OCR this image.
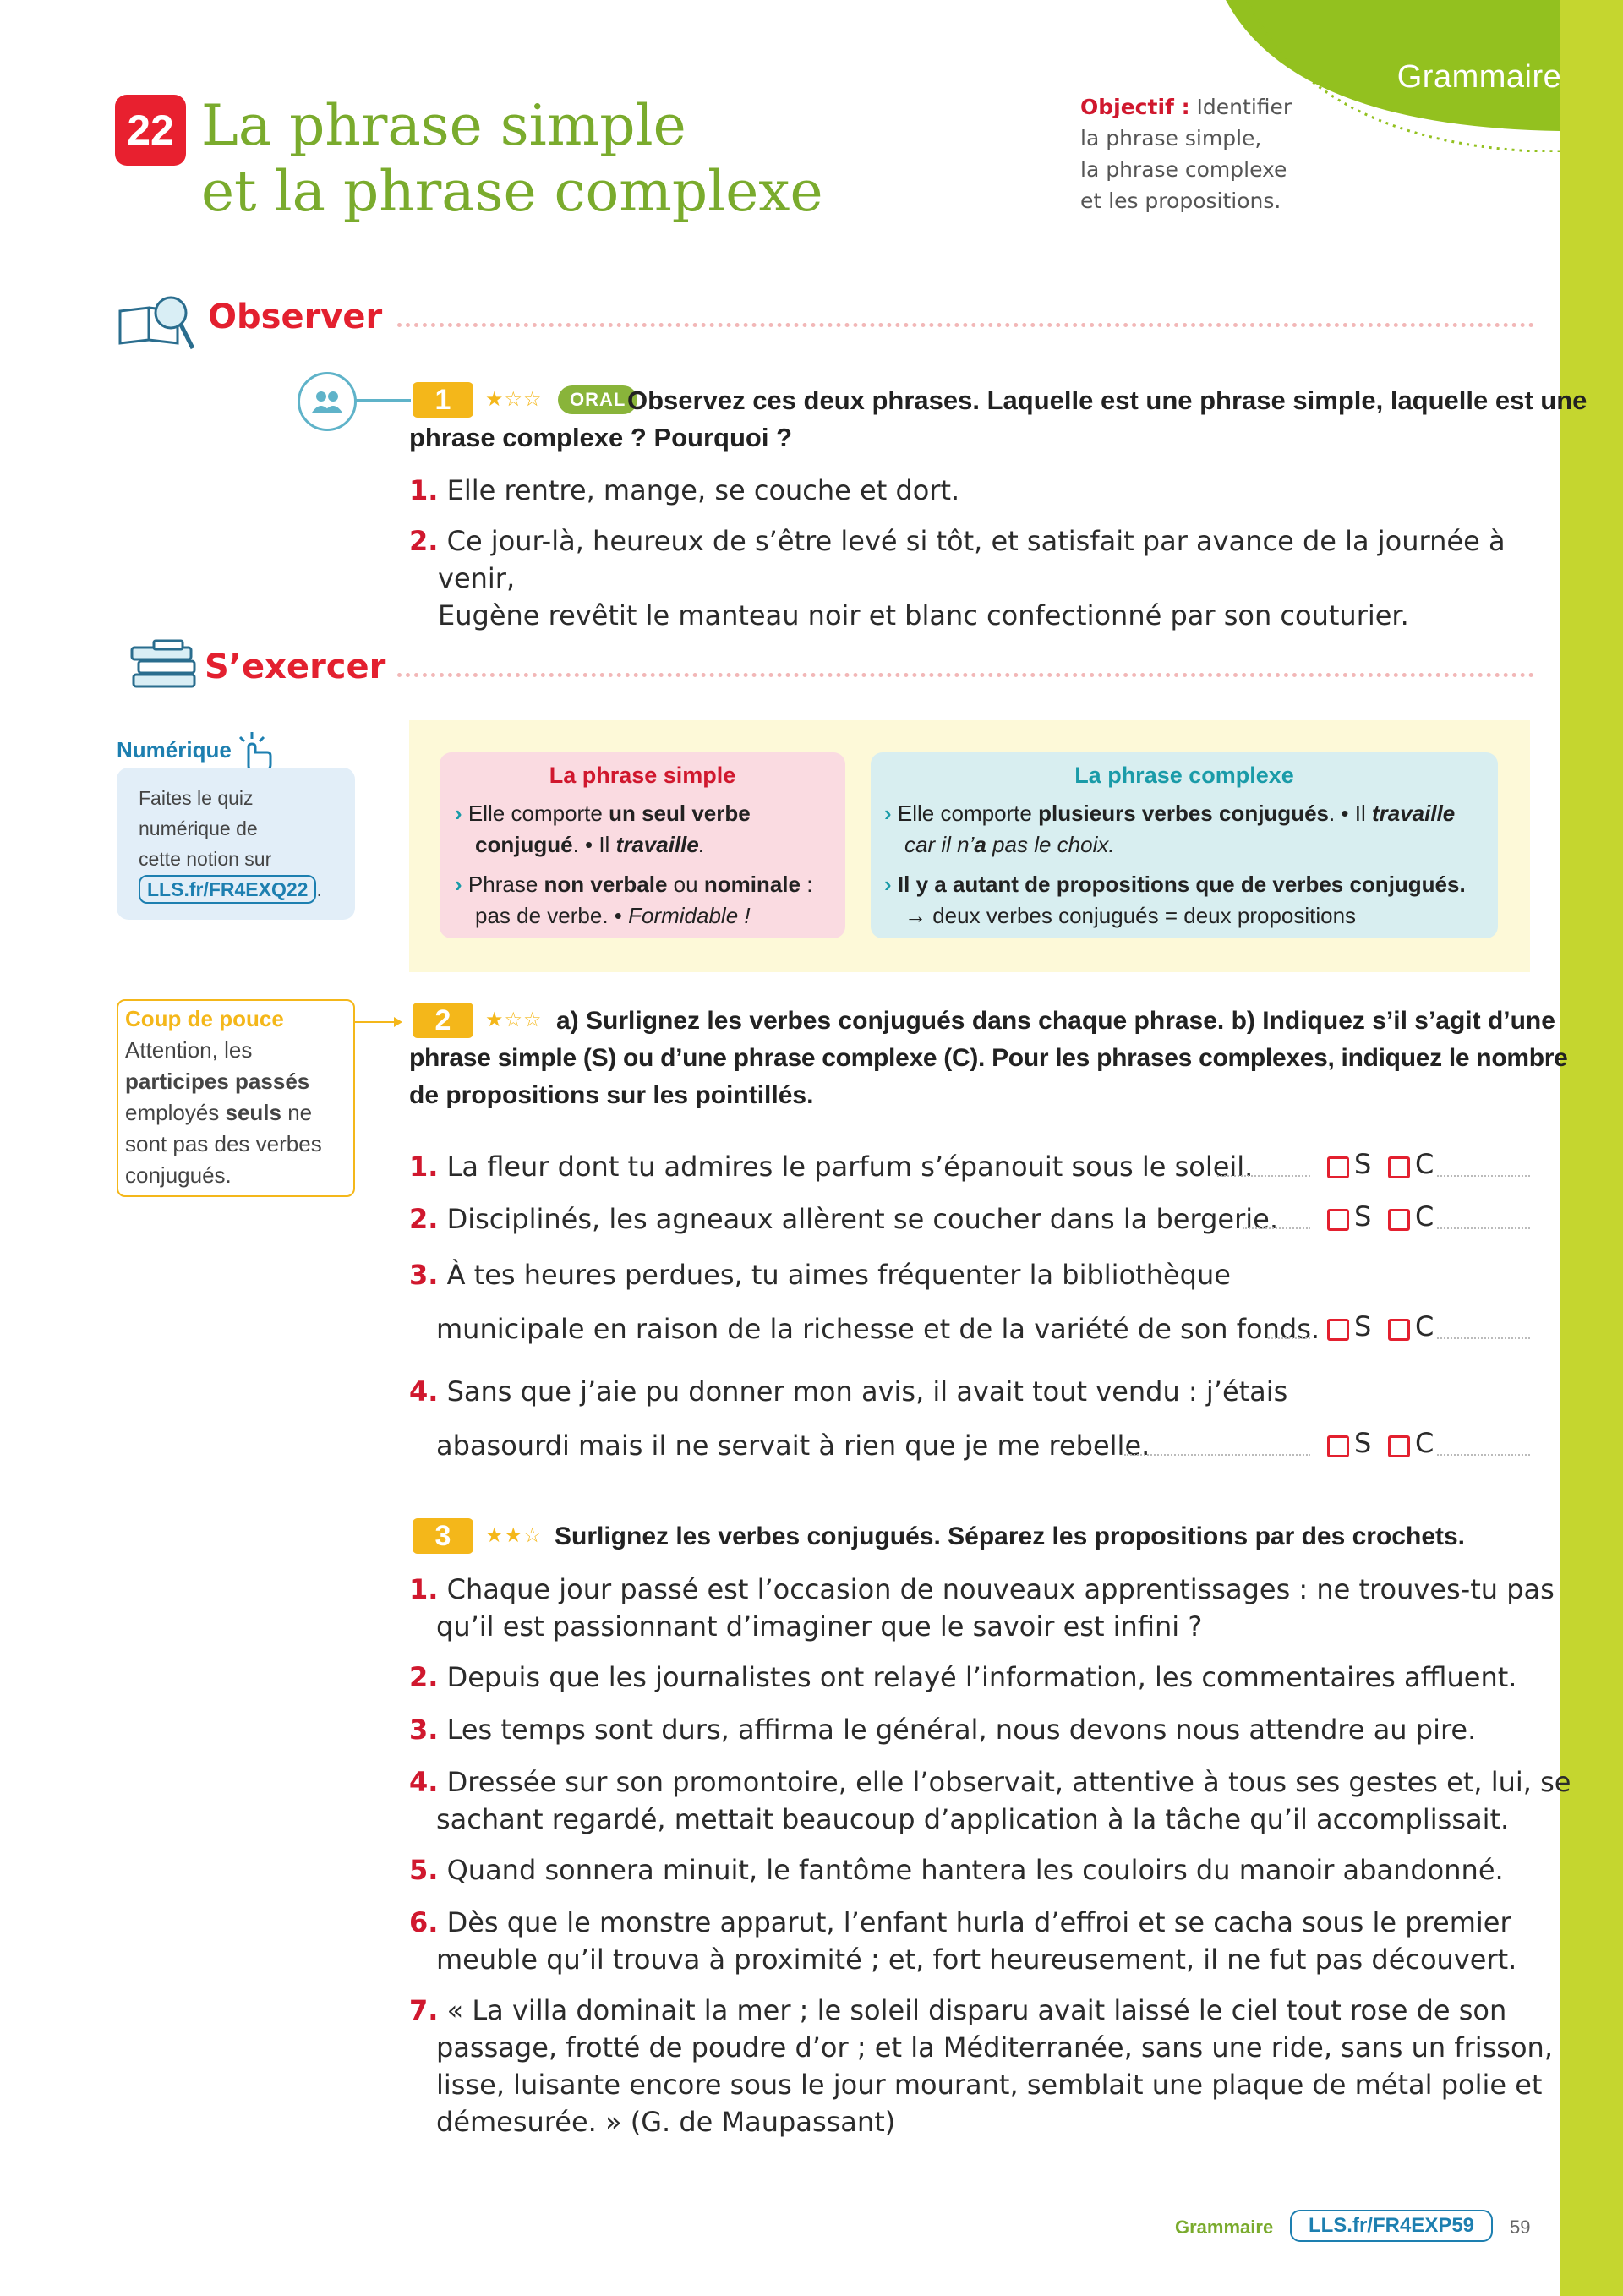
Grammaire
22 La phrase simple
et la phrase complexe
Objectif : Identifier
la phrase simple,
la phrase complexe
et les propositions.
Observer
1	★☆☆	ORAL Observez ces deux phrases. Laquelle est une phrase simple, laquelle est une
phrase complexe ? Pourquoi ?
1. Elle rentre, mange, se couche et dort.
2. Ce jour-là, heureux de s’être levé si tôt, et satisfait par avance de la journée à venir,
Eugène revêtit le manteau noir et blanc confectionné par son couturier.
S’exercer
Numérique
Faites le quiz
numérique de
cette notion sur
LLS.fr/FR4EXQ22 .
La phrase simple
› Elle comporte un seul verbe
conjugué. • Il travaille.
› Phrase non verbale ou nominale :
pas de verbe. • Formidable !
La phrase complexe
› Elle comporte plusieurs verbes conjugués. • Il travaille
car il n’a pas le choix.
› Il y a autant de propositions que de verbes conjugués.
→ deux verbes conjugués = deux propositions
Coup de pouce
Attention, les
participes passés
employés seuls ne
sont pas des verbes
conjugués.
2	★☆☆ a) Surlignez les verbes conjugués dans chaque phrase. b) Indiquez s’il s’agit d’une
phrase simple (S) ou d’une phrase complexe (C). Pour les phrases complexes, indiquez le nombre
de propositions sur les pointillés.
1. La fleur dont tu admires le parfum s’épanouit sous le soleil.	S C
2. Disciplinés, les agneaux allèrent se coucher dans la bergerie.	S C
3. À tes heures perdues, tu aimes fréquenter la bibliothèque
municipale en raison de la richesse et de la variété de son fonds. S C
4. Sans que j’aie pu donner mon avis, il avait tout vendu : j’étais
abasourdi mais il ne servait à rien que je me rebelle.	S C
3	★★☆ Surlignez les verbes conjugués. Séparez les propositions par des crochets.
1. Chaque jour passé est l’occasion de nouveaux apprentissages : ne trouves-tu pas
qu’il est passionnant d’imaginer que le savoir est infini ?
2. Depuis que les journalistes ont relayé l’information, les commentaires affluent.
3. Les temps sont durs, affirma le général, nous devons nous attendre au pire.
4. Dressée sur son promontoire, elle l’observait, attentive à tous ses gestes et, lui, se
sachant regardé, mettait beaucoup d’application à la tâche qu’il accomplissait.
5. Quand sonnera minuit, le fantôme hantera les couloirs du manoir abandonné.
6. Dès que le monstre apparut, l’enfant hurla d’effroi et se cacha sous le premier
meuble qu’il trouva à proximité ; et, fort heureusement, il ne fut pas découvert.
7. « La villa dominait la mer ; le soleil disparu avait laissé le ciel tout rose de son
passage, frotté de poudre d’or ; et la Méditerranée, sans une ride, sans un frisson,
lisse, luisante encore sous le jour mourant, semblait une plaque de métal polie et
démesurée. » (G. de Maupassant)
Grammaire	LLS.fr/FR4EXP59	59
